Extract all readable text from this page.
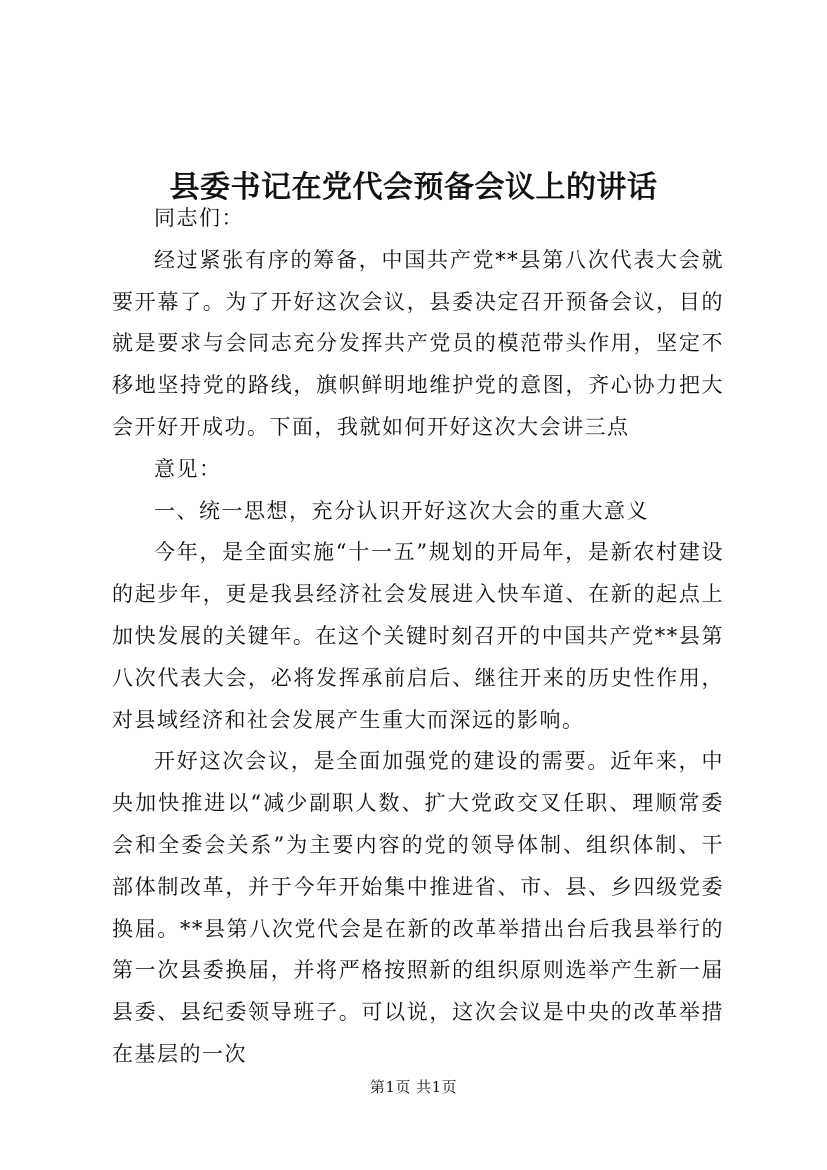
县委书记在党代会预备会议上的讲话

同志们：

经过紧张有序的筹备，中国共产党**县第八次代表大会就要开幕了。为了开好这次会议，县委决定召开预备会议，目的就是要求与会同志充分发挥共产党员的模范带头作用，坚定不移地坚持党的路线，旗帜鲜明地维护党的意图，齐心协力把大会开好开成功。下面，我就如何开好这次大会讲三点

意见：

一、统一思想，充分认识开好这次大会的重大意义

今年，是全面实施“十一五”规划的开局年，是新农村建设的起步年，更是我县经济社会发展进入快车道、在新的起点上加快发展的关键年。在这个关键时刻召开的中国共产党**县第八次代表大会，必将发挥承前启后、继往开来的历史性作用，对县域经济和社会发展产生重大而深远的影响。

开好这次会议，是全面加强党的建设的需要。近年来，中央加快推进以“减少副职人数、扩大党政交叉任职、理顺常委会和全委会关系”为主要内容的党的领导体制、组织体制、干部体制改革，并于今年开始集中推进省、市、县、乡四级党委换届。**县第八次党代会是在新的改革举措出台后我县举行的第一次县委换届，并将严格按照新的组织原则选举产生新一届县委、县纪委领导班子。可以说，这次会议是中央的改革举措在基层的一次

第1页 共1页
